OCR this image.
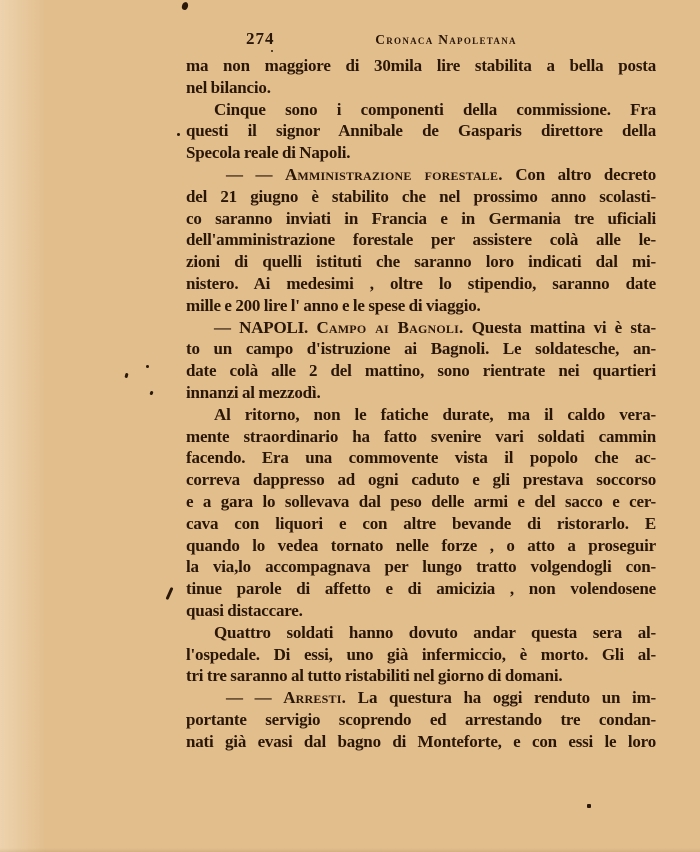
274	Cronaca Napoletana
ma non maggiore di 30mila lire stabilita a bella posta
nel bilancio.
Cinque sono i componenti della commissione. Fra
questi il signor Annibale de Gasparis direttore della
Specola reale di Napoli.
— — Amministrazione forestale. Con altro decreto
del 21 giugno è stabilito che nel prossimo anno scolasti-
co saranno inviati in Francia e in Germania tre uficiali
dell'amministrazione forestale per assistere colà alle le-
zioni di quelli istituti che saranno loro indicati dal mi-
nistero. Ai medesimi , oltre lo stipendio, saranno date
mille e 200 lire l' anno e le spese di viaggio.
— NAPOLI. Campo ai Bagnoli. Questa mattina vi è sta-
to un campo d'istruzione ai Bagnoli. Le soldatesche, an-
date colà alle 2 del mattino, sono rientrate nei quartieri
innanzi al mezzodì.
Al ritorno, non le fatiche durate, ma il caldo vera-
mente straordinario ha fatto svenire vari soldati cammin
facendo. Era una commovente vista il popolo che ac-
correva dappresso ad ogni caduto e gli prestava soccorso
e a gara lo sollevava dal peso delle armi e del sacco e cer-
cava con liquori e con altre bevande di ristorarlo. E
quando lo vedea tornato nelle forze , o atto a proseguir
la via,lo accompagnava per lungo tratto volgendogli con-
tinue parole di affetto e di amicizia , non volendosene
quasi distaccare.
Quattro soldati hanno dovuto andar questa sera al-
l'ospedale. Di essi, uno già infermiccio, è morto. Gli al-
tri tre saranno al tutto ristabiliti nel giorno di domani.
— — Arresti. La questura ha oggi renduto un im-
portante servigio scoprendo ed arrestando tre condan-
nati già evasi dal bagno di Monteforte, e con essi le loro
